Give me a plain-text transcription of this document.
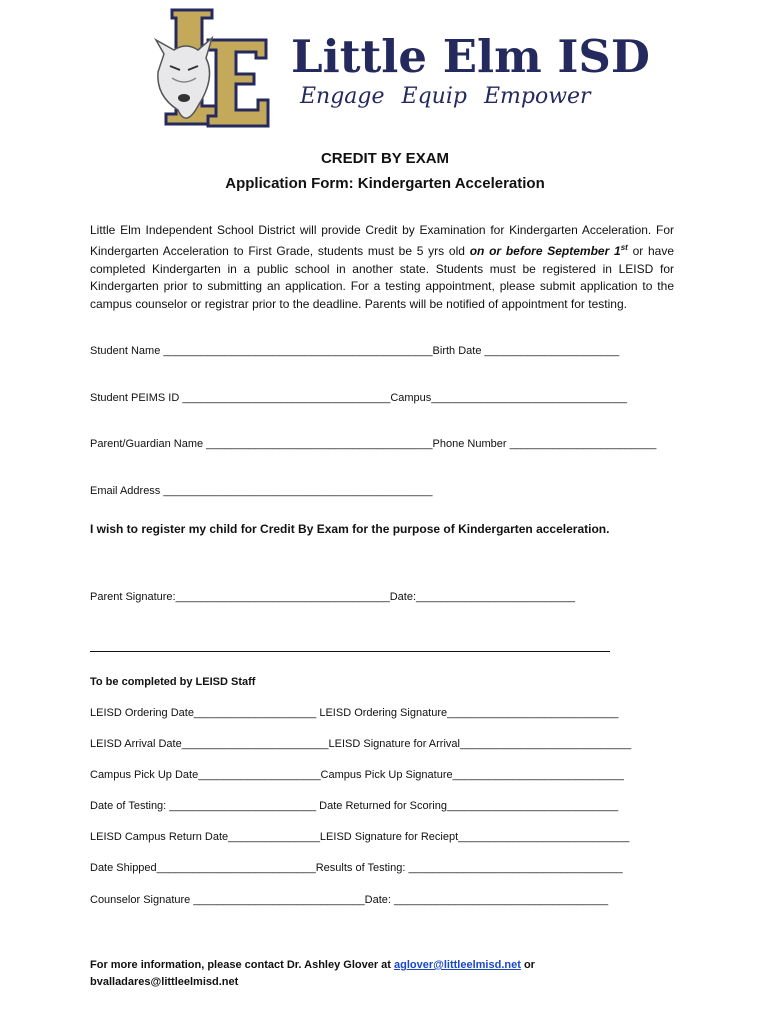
Little Elm ISD
Engage Equip Empower
CREDIT BY EXAM
Application Form: Kindergarten Acceleration
Little Elm Independent School District will provide Credit by Examination for Kindergarten Acceleration. For Kindergarten Acceleration to First Grade, students must be 5 yrs old on or before September 1st or have completed Kindergarten in a public school in another state. Students must be registered in LEISD for Kindergarten prior to submitting an application. For a testing appointment, please submit application to the campus counselor or registrar prior to the deadline. Parents will be notified of appointment for testing.
Student Name ____________________________________________Birth Date ______________________
Student PEIMS ID __________________________________Campus________________________________
Parent/Guardian Name _____________________________________Phone Number ________________________
Email Address ____________________________________________
I wish to register my child for Credit By Exam for the purpose of Kindergarten acceleration.
Parent Signature:___________________________________Date:__________________________
To be completed by LEISD Staff
LEISD Ordering Date____________________ LEISD Ordering Signature____________________________
LEISD Arrival Date________________________LEISD Signature for Arrival____________________________
Campus Pick Up Date____________________Campus Pick Up Signature____________________________
Date of Testing: ________________________ Date Returned for Scoring____________________________
LEISD Campus Return Date_______________LEISD Signature for Reciept____________________________
Date Shipped__________________________Results of Testing: ___________________________________
Counselor Signature ____________________________Date: ___________________________________
For more information, please contact Dr. Ashley Glover at aglover@littleelmisd.net or
bvalladares@littleelmisd.net
